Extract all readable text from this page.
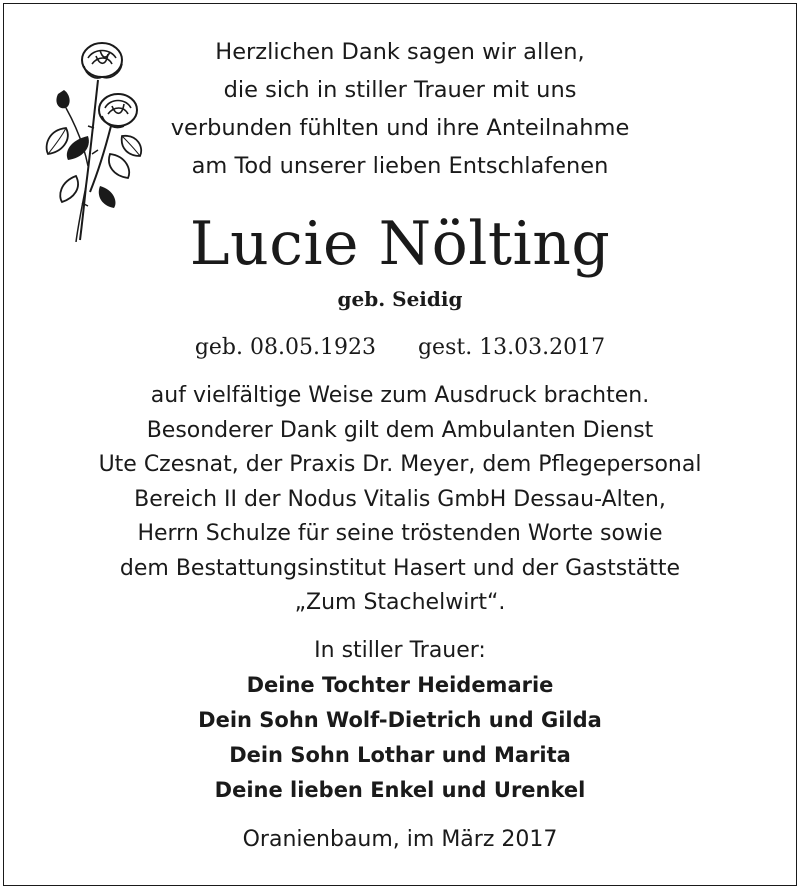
Herzlichen Dank sagen wir allen,
die sich in stiller Trauer mit uns
verbunden fühlten und ihre Anteilnahme
am Tod unserer lieben Entschlafenen
Lucie Nölting
geb. Seidig
geb. 08.05.1923 gest. 13.03.2017
auf vielfältige Weise zum Ausdruck brachten.
Besonderer Dank gilt dem Ambulanten Dienst
Ute Czesnat, der Praxis Dr. Meyer, dem Pflegepersonal
Bereich II der Nodus Vitalis GmbH Dessau-Alten,
Herrn Schulze für seine tröstenden Worte sowie
dem Bestattungsinstitut Hasert und der Gaststätte
„Zum Stachelwirt“.
In stiller Trauer:
Deine Tochter Heidemarie
Dein Sohn Wolf-Dietrich und Gilda
Dein Sohn Lothar und Marita
Deine lieben Enkel und Urenkel
Oranienbaum, im März 2017
